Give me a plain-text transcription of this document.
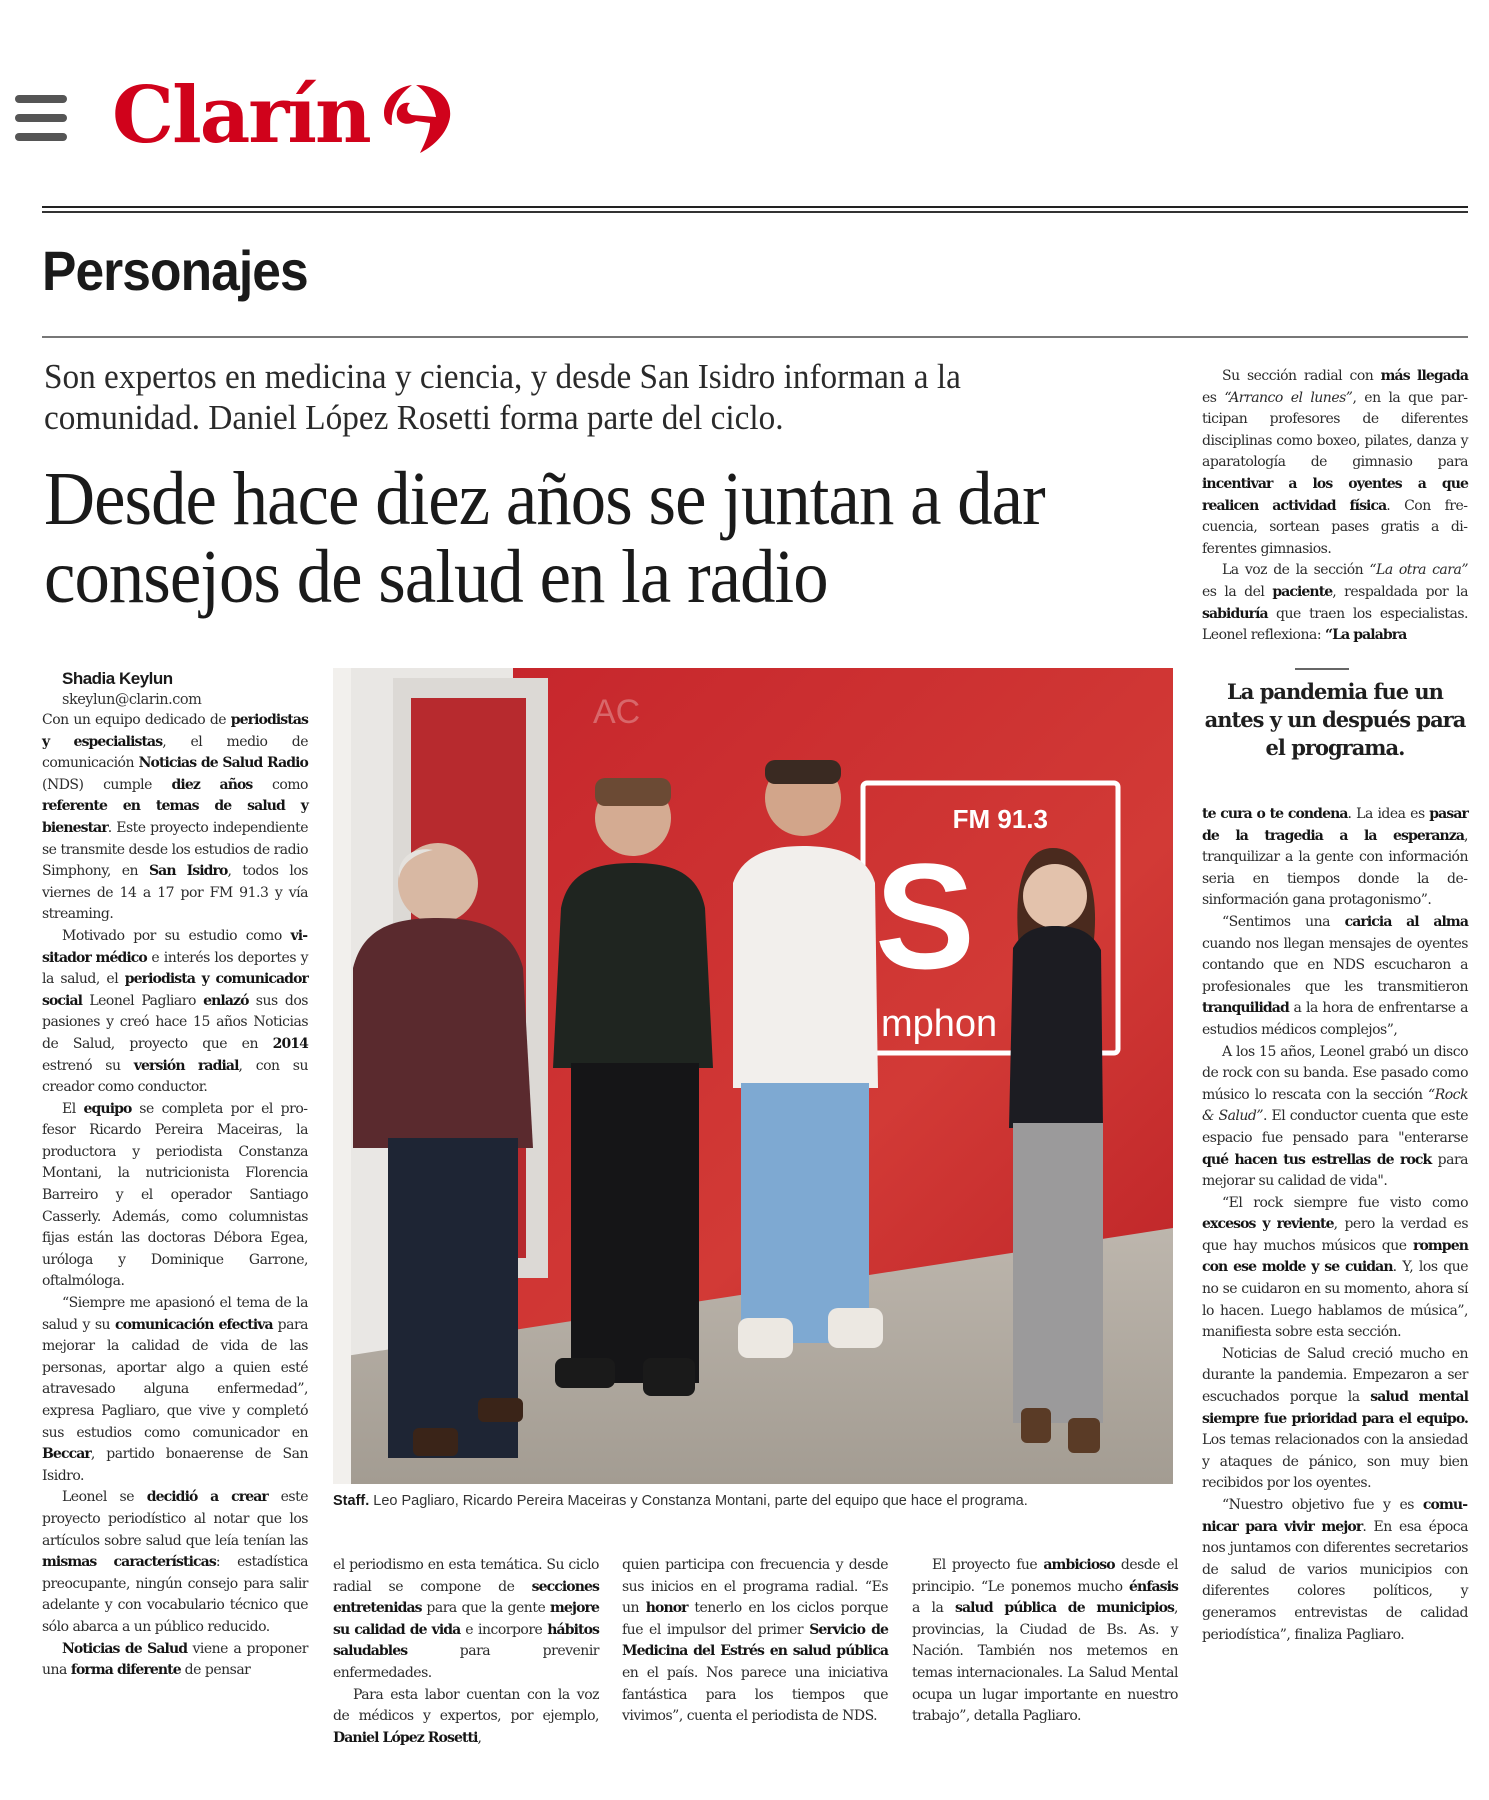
Clarín
Personajes
Son expertos en medicina y ciencia, y desde San Isidro informan a la comunidad. Daniel López Rosetti forma parte del ciclo.
Desde hace diez años se juntan a dar consejos de salud en la radio

Shadia Keylun

skeylun@clarin.com

Con un equipo dedicado de periodistas y especialistas, el medio de comunicación Noticias de Salud Radio (NDS) cumple diez años como referente en temas de salud y bienestar. Este proyecto independiente se transmite desde los estudios de radio Simphony, en San Isidro, todos los viernes de 14 a 17 por FM 91.3 y vía streaming.

Motivado por su estudio como visitador médico e interés los deportes y la salud, el periodista y comunicador social Leonel Pagliaro enlazó sus dos pasiones y creó hace 15 años Noticias de Salud, proyecto que en 2014 estrenó su versión radial, con su creador como conductor.

El equipo se completa por el profesor Ricardo Pereira Maceiras, la productora y periodista Constanza Montani, la nutricionista Florencia Barreiro y el operador Santiago Casserly. Además, como columnistas fijas están las doctoras Débora Egea, uróloga y Dominique Garrone, oftalmóloga.

“Siempre me apasionó el tema de la salud y su comunicación efectiva para mejorar la calidad de vida de las personas, aportar algo a quien esté atravesado alguna enfermedad”, expresa Pagliaro, que vive y completó sus estudios como comunicador en Beccar, partido bonaerense de San Isidro.

Leonel se decidió a crear este proyecto periodístico al notar que los artículos sobre salud que leía tenían las mismas características: estadística preocupante, ningún consejo para salir adelante y con vocabulario técnico que sólo abarca a un público reducido.

Noticias de Salud viene a proponer una forma diferente de pensar

FM 91.3
S
mphon
AC
Staff. Leo Pagliaro, Ricardo Pereira Maceiras y Constanza Montani, parte del equipo que hace el programa.

el periodismo en esta temática. Su ciclo radial se compone de secciones entretenidas para que la gente mejore su calidad de vida e incorpore hábitos saludables para prevenir enfermedades.

Para esta labor cuentan con la voz de médicos y expertos, por ejemplo, Daniel López Rosetti,

quien participa con frecuencia y desde sus inicios en el programa radial. “Es un honor tenerlo en los ciclos porque fue el impulsor del primer Servicio de Medicina del Estrés en salud pública en el país. Nos parece una iniciativa fantástica para los tiempos que vivimos”, cuenta el periodista de NDS.

El proyecto fue ambicioso desde el principio. “Le ponemos mucho énfasis a la salud pública de municipios, provincias, la Ciudad de Bs. As. y Nación. También nos metemos en temas internacionales. La Salud Mental ocupa un lugar importante en nuestro trabajo”, detalla Pagliaro.

Su sección radial con más llegada es “Arranco el lunes”, en la que participan profesores de diferentes disciplinas como boxeo, pilates, danza y aparatología de gimnasio para incentivar a los oyentes a que realicen actividad física. Con frecuencia, sortean pases gratis a diferentes gimnasios.

La voz de la sección “La otra cara” es la del paciente, respaldada por la sabiduría que traen los especialistas. Leonel reflexiona: “La palabra

La pandemia fue un antes y un después para el programa.

te cura o te condena. La idea es pasar de la tragedia a la esperanza, tranquilizar a la gente con información seria en tiempos donde la desinformación gana protagonismo”.

“Sentimos una caricia al alma cuando nos llegan mensajes de oyentes contando que en NDS escucharon a profesionales que les transmitieron tranquilidad a la hora de enfrentarse a estudios médicos complejos”,

A los 15 años, Leonel grabó un disco de rock con su banda. Ese pasado como músico lo rescata con la sección “Rock & Salud”. El conductor cuenta que este espacio fue pensado para "enterarse qué hacen tus estrellas de rock para mejorar su calidad de vida".

“El rock siempre fue visto como excesos y reviente, pero la verdad es que hay muchos músicos que rompen con ese molde y se cuidan. Y, los que no se cuidaron en su momento, ahora sí lo hacen. Luego hablamos de música”, manifiesta sobre esta sección.

Noticias de Salud creció mucho en durante la pandemia. Empezaron a ser escuchados porque la salud mental siempre fue prioridad para el equipo. Los temas relacionados con la ansiedad y ataques de pánico, son muy bien recibidos por los oyentes.

“Nuestro objetivo fue y es comunicar para vivir mejor. En esa época nos juntamos con diferentes secretarios de salud de varios municipios con diferentes colores políticos, y generamos entrevistas de calidad periodística”, finaliza Pagliaro.
